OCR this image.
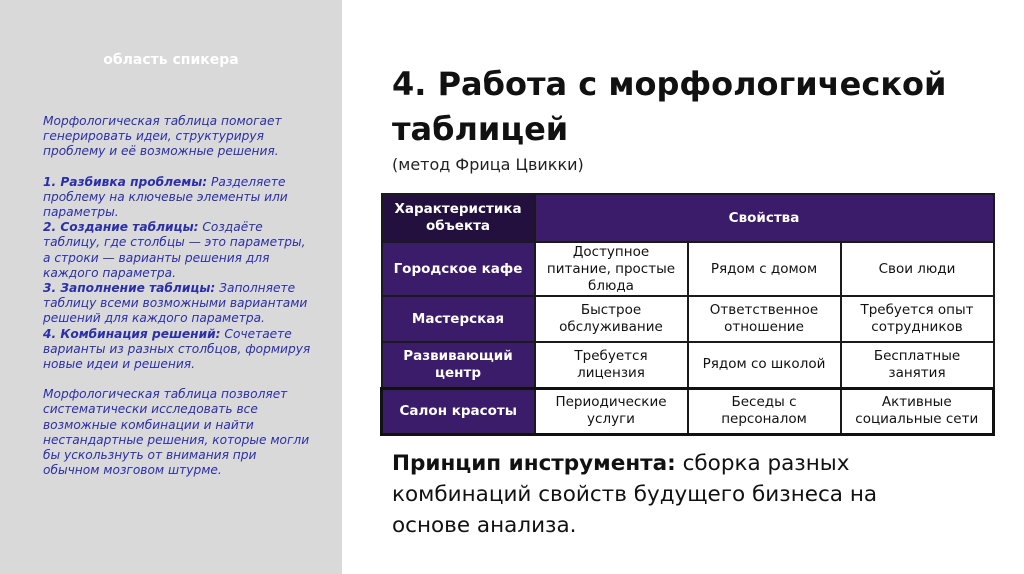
область спикера

Морфологическая таблица помогает генерировать идеи, структурируя проблему и её возможные решения.

1. Разбивка проблемы: Разделяете проблему на ключевые элементы или параметры.

2. Создание таблицы: Создаёте таблицу, где столбцы — это параметры, а строки — варианты решения для каждого параметра.

3. Заполнение таблицы: Заполняете таблицу всеми возможными вариантами решений для каждого параметра.

4. Комбинация решений: Сочетаете варианты из разных столбцов, формируя новые идеи и решения.

Морфологическая таблица позволяет систематически исследовать все возможные комбинации и найти нестандартные решения, которые могли бы ускользнуть от внимания при обычном мозговом штурме.

4. Работа с морфологической таблицей
(метод Фрица Цвикки)
Характеристика объекта	Свойства		
Городское кафе	Доступное питание, простые блюда	Рядом с домом	Свои люди
Мастерская	Быстрое обслуживание	Ответственное отношение	Требуется опыт сотрудников
Развивающий центр	Требуется лицензия	Рядом со школой	Бесплатные занятия
Салон красоты	Периодические услуги	Беседы с персоналом	Активные социальные сети
Принцип инструмента: сборка разных комбинаций свойств будущего бизнеса на основе анализа.
